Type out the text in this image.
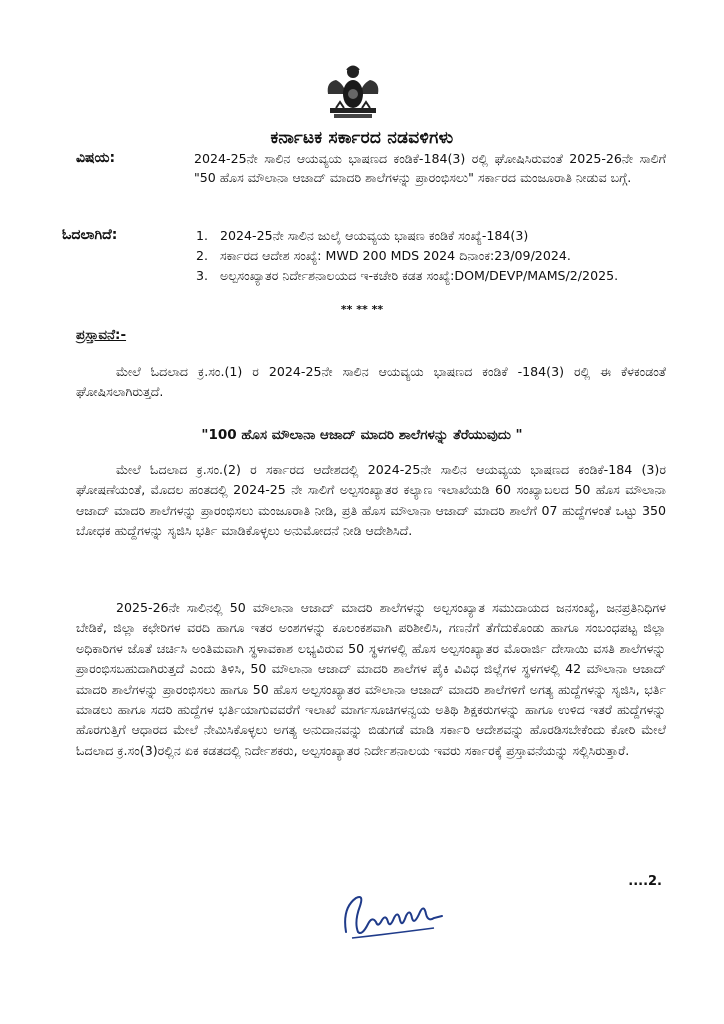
ಕರ್ನಾಟಕ ಸರ್ಕಾರದ ನಡವಳಿಗಳು
ವಿಷಯ:	2024-25ನೇ ಸಾಲಿನ ಆಯವ್ಯಯ ಭಾಷಣದ ಕಂಡಿಕೆ-184(3) ರಲ್ಲಿ ಘೋಷಿಸಿರುವಂತೆ 2025-26ನೇ ಸಾಲಿಗೆ "50 ಹೊಸ ಮೌಲಾನಾ ಆಜಾದ್ ಮಾದರಿ ಶಾಲೆಗಳನ್ನು ಪ್ರಾರಂಭಿಸಲು" ಸರ್ಕಾರದ ಮಂಜೂರಾತಿ ನೀಡುವ ಬಗ್ಗೆ.
ಓದಲಾಗಿದೆ:	1. 2024-25ನೇ ಸಾಲಿನ ಜುಲೈ ಆಯವ್ಯಯ ಭಾಷಣ ಕಂಡಿಕೆ ಸಂಖ್ಯೆ-184(3)
2. ಸರ್ಕಾರದ ಆದೇಶ ಸಂಖ್ಯೆ: MWD 200 MDS 2024 ದಿನಾಂಕ:23/09/2024.
3. ಅಲ್ಪಸಂಖ್ಯಾತರ ನಿರ್ದೇಶನಾಲಯದ ಇ-ಕಚೇರಿ ಕಡತ ಸಂಖ್ಯೆ:DOM/DEVP/MAMS/2/2025.
** ** **
ಪ್ರಸ್ತಾವನೆ:-
ಮೇಲೆ ಓದಲಾದ ಕ್ರ.ಸಂ.(1) ರ 2024-25ನೇ ಸಾಲಿನ ಆಯವ್ಯಯ ಭಾಷಣದ ಕಂಡಿಕೆ -184(3) ರಲ್ಲಿ ಈ ಕೆಳಕಂಡಂತೆ ಘೋಷಿಸಲಾಗಿರುತ್ತದೆ.
"100 ಹೊಸ ಮೌಲಾನಾ ಆಜಾದ್ ಮಾದರಿ ಶಾಲೆಗಳನ್ನು ತೆರೆಯುವುದು "
ಮೇಲೆ ಓದಲಾದ ಕ್ರ.ಸಂ.(2) ರ ಸರ್ಕಾರದ ಆದೇಶದಲ್ಲಿ 2024-25ನೇ ಸಾಲಿನ ಆಯವ್ಯಯ ಭಾಷಣದ ಕಂಡಿಕೆ-184 (3)ರ ಘೋಷಣೆಯಂತೆ, ಮೊದಲ ಹಂತದಲ್ಲಿ 2024-25 ನೇ ಸಾಲಿಗೆ ಅಲ್ಪಸಂಖ್ಯಾತರ ಕಲ್ಯಾಣ ಇಲಾಖೆಯಡಿ 60 ಸಂಖ್ಯಾಬಲದ 50 ಹೊಸ ಮೌಲಾನಾ ಆಜಾದ್ ಮಾದರಿ ಶಾಲೆಗಳನ್ನು ಪ್ರಾರಂಭಿಸಲು ಮಂಜೂರಾತಿ ನೀಡಿ, ಪ್ರತಿ ಹೊಸ ಮೌಲಾನಾ ಆಜಾದ್ ಮಾದರಿ ಶಾಲೆಗೆ 07 ಹುದ್ದೆಗಳಂತೆ ಒಟ್ಟು 350 ಬೋಧಕ ಹುದ್ದೆಗಳನ್ನು ಸೃಜಿಸಿ ಭರ್ತಿ ಮಾಡಿಕೊಳ್ಳಲು ಅನುಮೋದನೆ ನೀಡಿ ಆದೇಶಿಸಿದೆ.
2025-26ನೇ ಸಾಲಿನಲ್ಲಿ 50 ಮೌಲಾನಾ ಆಜಾದ್ ಮಾದರಿ ಶಾಲೆಗಳನ್ನು ಅಲ್ಪಸಂಖ್ಯಾತ ಸಮುದಾಯದ ಜನಸಂಖ್ಯೆ, ಜನಪ್ರತಿನಿಧಿಗಳ ಬೇಡಿಕೆ, ಜಿಲ್ಲಾ ಕಛೇರಿಗಳ ವರದಿ ಹಾಗೂ ಇತರ ಅಂಶಗಳನ್ನು ಕೂಲಂಕಶವಾಗಿ ಪರಿಶೀಲಿಸಿ, ಗಣನೆಗೆ ತೆಗೆದುಕೊಂಡು ಹಾಗೂ ಸಂಬಂಧಪಟ್ಟ ಜಿಲ್ಲಾ ಅಧಿಕಾರಿಗಳ ಜೊತೆ ಚರ್ಚಿಸಿ ಅಂತಿಮವಾಗಿ ಸ್ಥಳಾವಕಾಶ ಲಭ್ಯವಿರುವ 50 ಸ್ಥಳಗಳಲ್ಲಿ ಹೊಸ ಅಲ್ಪಸಂಖ್ಯಾತರ ಮೊರಾರ್ಜಿ ದೇಸಾಯಿ ವಸತಿ ಶಾಲೆಗಳನ್ನು ಪ್ರಾರಂಭಿಸಬಹುದಾಗಿರುತ್ತದೆ ಎಂದು ತಿಳಿಸಿ, 50 ಮೌಲಾನಾ ಆಜಾದ್ ಮಾದರಿ ಶಾಲೆಗಳ ಪೈಕಿ ವಿವಿಧ ಜಿಲ್ಲೆಗಳ ಸ್ಥಳಗಳಲ್ಲಿ 42 ಮೌಲಾನಾ ಆಜಾದ್ ಮಾದರಿ ಶಾಲೆಗಳನ್ನು ಪ್ರಾರಂಭಿಸಲು ಹಾಗೂ 50 ಹೊಸ ಅಲ್ಪಸಂಖ್ಯಾತರ ಮೌಲಾನಾ ಆಜಾದ್ ಮಾದರಿ ಶಾಲೆಗಳಿಗೆ ಅಗತ್ಯ ಹುದ್ದೆಗಳನ್ನು ಸೃಜಿಸಿ, ಭರ್ತಿ ಮಾಡಲು ಹಾಗೂ ಸದರಿ ಹುದ್ದೆಗಳ ಭರ್ತಿಯಾಗುವವರೆಗೆ ಇಲಾಖೆ ಮಾರ್ಗಸೂಚಿಗಳನ್ವಯ ಅತಿಥಿ ಶಿಕ್ಷಕರುಗಳನ್ನು ಹಾಗೂ ಉಳಿದ ಇತರೆ ಹುದ್ದೆಗಳನ್ನು ಹೊರಗುತ್ತಿಗೆ ಆಧಾರದ ಮೇಲೆ ನೇಮಿಸಿಕೊಳ್ಳಲು ಅಗತ್ಯ ಅನುದಾನವನ್ನು ಬಿಡುಗಡೆ ಮಾಡಿ ಸರ್ಕಾರಿ ಆದೇಶವನ್ನು ಹೊರಡಿಸಬೇಕೆಂದು ಕೋರಿ ಮೇಲೆ ಓದಲಾದ ಕ್ರ.ಸಂ(3)ರಲ್ಲಿನ ಏಕ ಕಡತದಲ್ಲಿ ನಿರ್ದೇಶಕರು, ಅಲ್ಪಸಂಖ್ಯಾತರ ನಿರ್ದೇಶನಾಲಯ ಇವರು ಸರ್ಕಾರಕ್ಕೆ ಪ್ರಸ್ತಾವನೆಯನ್ನು ಸಲ್ಲಿಸಿರುತ್ತಾರೆ.
....2.
